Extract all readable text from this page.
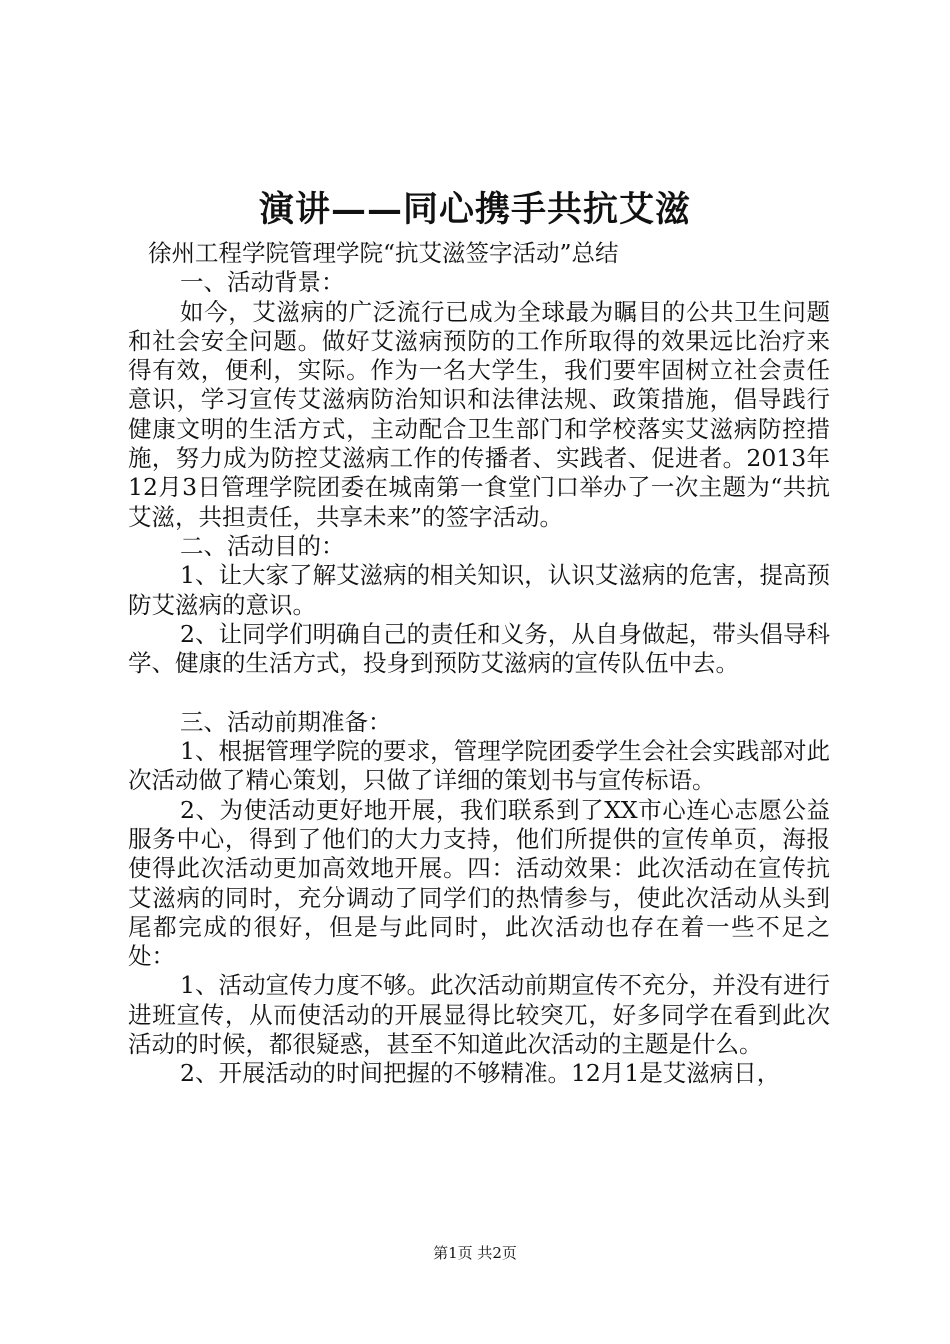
演讲——同心携手共抗艾滋

徐州工程学院管理学院“抗艾滋签字活动”总结

一、活动背景：

如今，艾滋病的广泛流行已成为全球最为瞩目的公共卫生问题和社会安全问题。做好艾滋病预防的工作所取得的效果远比治疗来得有效，便利，实际。作为一名大学生，我们要牢固树立社会责任意识，学习宣传艾滋病防治知识和法律法规、政策措施，倡导践行健康文明的生活方式，主动配合卫生部门和学校落实艾滋病防控措施，努力成为防控艾滋病工作的传播者、实践者、促进者。2013年12月3日管理学院团委在城南第一食堂门口举办了一次主题为“共抗艾滋，共担责任，共享未来”的签字活动。

二、活动目的：

1、让大家了解艾滋病的相关知识，认识艾滋病的危害，提高预防艾滋病的意识。

2、让同学们明确自己的责任和义务，从自身做起，带头倡导科学、健康的生活方式，投身到预防艾滋病的宣传队伍中去。

三、活动前期准备：

1、根据管理学院的要求，管理学院团委学生会社会实践部对此次活动做了精心策划，只做了详细的策划书与宣传标语。

2、为使活动更好地开展，我们联系到了XX市心连心志愿公益服务中心，得到了他们的大力支持，他们所提供的宣传单页，海报使得此次活动更加高效地开展。四：活动效果：此次活动在宣传抗艾滋病的同时，充分调动了同学们的热情参与，使此次活动从头到尾都完成的很好，但是与此同时，此次活动也存在着一些不足之处：

1、活动宣传力度不够。此次活动前期宣传不充分，并没有进行进班宣传，从而使活动的开展显得比较突兀，好多同学在看到此次活动的时候，都很疑惑，甚至不知道此次活动的主题是什么。

2、开展活动的时间把握的不够精准。12月1是艾滋病日，

第1页 共2页
